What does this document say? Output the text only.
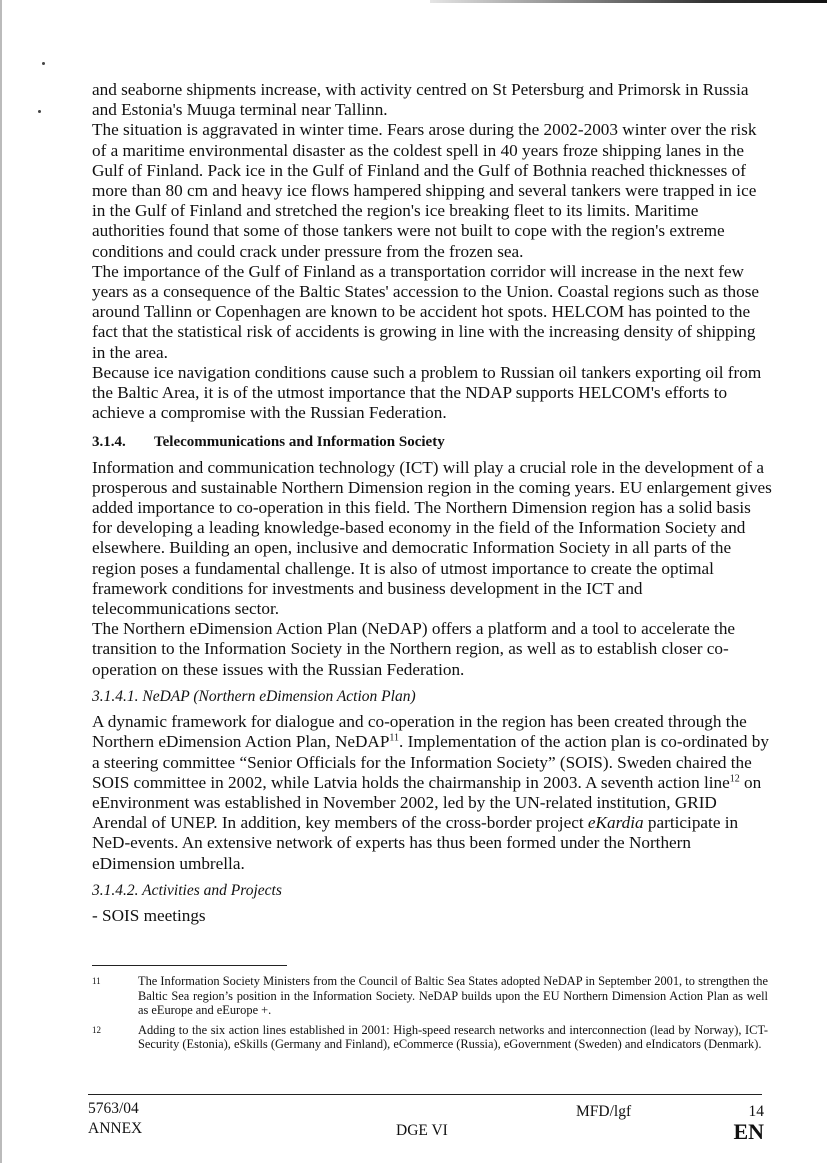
and seaborne shipments increase, with activity centred on St Petersburg and Primorsk in Russia and Estonia's Muuga terminal near Tallinn.

The situation is aggravated in winter time. Fears arose during the 2002-2003 winter over the risk of a maritime environmental disaster as the coldest spell in 40 years froze shipping lanes in the Gulf of Finland. Pack ice in the Gulf of Finland and the Gulf of Bothnia reached thicknesses of more than 80 cm and heavy ice flows hampered shipping and several tankers were trapped in ice in the Gulf of Finland and stretched the region's ice breaking fleet to its limits. Maritime authorities found that some of those tankers were not built to cope with the region's extreme conditions and could crack under pressure from the frozen sea.

The importance of the Gulf of Finland as a transportation corridor will increase in the next few years as a consequence of the Baltic States' accession to the Union. Coastal regions such as those around Tallinn or Copenhagen are known to be accident hot spots. HELCOM has pointed to the fact that the statistical risk of accidents is growing in line with the increasing density of shipping in the area.

Because ice navigation conditions cause such a problem to Russian oil tankers exporting oil from the Baltic Area, it is of the utmost importance that the NDAP supports HELCOM's efforts to achieve a compromise with the Russian Federation.

3.1.4. Telecommunications and Information Society

Information and communication technology (ICT) will play a crucial role in the development of a prosperous and sustainable Northern Dimension region in the coming years. EU enlargement gives added importance to co-operation in this field. The Northern Dimension region has a solid basis for developing a leading knowledge-based economy in the field of the Information Society and elsewhere. Building an open, inclusive and democratic Information Society in all parts of the region poses a fundamental challenge. It is also of utmost importance to create the optimal framework conditions for investments and business development in the ICT and telecommunications sector.

The Northern eDimension Action Plan (NeDAP) offers a platform and a tool to accelerate the transition to the Information Society in the Northern region, as well as to establish closer co-operation on these issues with the Russian Federation.

3.1.4.1. NeDAP (Northern eDimension Action Plan)

A dynamic framework for dialogue and co-operation in the region has been created through the Northern eDimension Action Plan, NeDAP$^{11}$. Implementation of the action plan is co-ordinated by a steering committee “Senior Officials for the Information Society” (SOIS). Sweden chaired the SOIS committee in 2002, while Latvia holds the chairmanship in 2003. A seventh action line$^{12}$ on eEnvironment was established in November 2002, led by the UN-related institution, GRID Arendal of UNEP. In addition, key members of the cross-border project eKardia participate in NeD-events. An extensive network of experts has thus been formed under the Northern eDimension umbrella.

3.1.4.2. Activities and Projects

- SOIS meetings

11	The Information Society Ministers from the Council of Baltic Sea States adopted NeDAP in September 2001, to strengthen the Baltic Sea region’s position in the Information Society. NeDAP builds upon the EU Northern Dimension Action Plan as well as eEurope and eEurope +.
12	Adding to the six action lines established in 2001: High-speed research networks and interconnection (lead by Norway), ICT-Security (Estonia), eSkills (Germany and Finland), eCommerce (Russia), eGovernment (Sweden) and eIndicators (Denmark).
5763/04
ANNEX	DGE VI
MFD/lgf	14
EN
